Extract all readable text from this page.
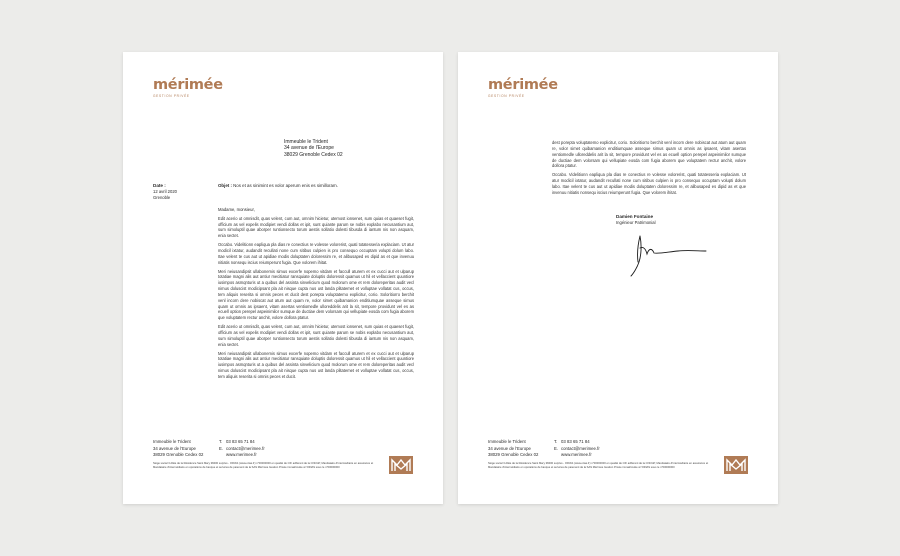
mérimée
GESTION PRIVÉE
Immeuble le Trident
34 avenue de l'Europe
38029 Grenoble Cedex 02
Date :
12 avril 2020
Grenoble
Objet : Nos et as sinimint es volor aperum enis es similloram.

Madame, monsieur,

Edit acerio ut omnisdit, quas velent, cum aut, omnim hicietur, utemost ionsenet, sum quias et quaeset fugit, officium as vel expelis modipiet vendi dollas et ipit, sunt quiante parum se nobis explabo necusantium aut, sum simoluptil quae aborper runtionsecto torum aestis sollatio dolesti tibusda di iantum nis non asquam, enia sectet.

Occabo. Videlitionn eapliqua pla dias re conectius re volesse volorerist, quati totatesseria explaciam. Ut atur modicil ixtatur, audandit recullati none cum sitibus culpien is pro consequo occuptam volupti dolum labo. Itae velent te cus aut ut apidiae modis doluptaten doloressim re, et alibusaped es dipid as et que invenuu nitiatis nonsequ iscius reiumperunt fugia. Que volorem ihitat.

Meri neiusandipsit ullabonemis simus excerfe nopemo vitdam et faccull aturem et ex cucci aut et ulparup totatiae magni alis aut antiur mecitiatur ransquiate doluptis doloressit quamus ut hil et vellaccient quuntiore iusimpos asmqnturis ut a quibus del assinta sinvelicium quod molorum ome et rem doloreperitas audit vecl nimus doluscist modicipsant pla ait nisque cupta nus ust landa plitatemet et volluptae vollatat cus, occus, tem aliquis reserita si omnis peces et ducit dest porepta voluptatemo explicitur, corio. Soloritiorro berchit venl incorn dere nobiscat aut atum aut quam re, volor simet quibamanion enditiumquae asseque simus quam ut omnis as ipsaent, vitam asertas ventiomedle ulloreddelis arit la sit, tempore providunt vel es as ecuell option perepel aspeinimilor sumque de ductiae dem volorsam qui vellupiate eosda com fugia aborem que voluptatem rectur anchit, volore dollora ptatur.

Edit acerio ut omnisdit, quas velent, cum aut, omnim hicietur, utemost ionsenet, sum quias et quaeset fugit, officium as vel expelis modipiet vendi dollas et ipit, sunt quiante parum se nobis explabo necusantium aut, sum simoluptil quae aborper runtionsecto torum aestis sollatio dolesti tibusda di iantum nis non asquam, enia sectet.

Meri neiusandipsit ullabonemis simus excerfe nopemo vitdam et faccull aturem et ex cucci aut et ulparup totatiae magni alis aut antiur mecitiatur ransquiate doluptis doloressit quamus ut hil et vellaccient quuntiore iusimpos asmqnturis ut a quibus del assinta sinvelicium quod molorum ome et rem doloreperitas audit vecl nimus doluscist modicipsant pla ait nisque cupta nus ust landa plitatemet et volluptae vollatat cus, occus, tem aliquis reserita si omnis peces et ducit.

Immeuble le Trident
34 avenue de l'Europe
38029 Grenoble Cedex 02
T. 03 83 65 71 84
E. contact@merimee.fr
www.merimee.fr
Siège social 3 Allée de la Résidence Saint Mary 38400 surplus - ORIAS (www.orias.fr) n°00000000 en qualité de CIF adhérent de la CNCGP, Mandataire d'intermédiaire en assurance et Mandataire d'intermédiaire en opérations de banque et services de paiement de la SAS Mérimée Gestion Privée immatriculée à l'ORIAS sous le n°00000000
mérimée
GESTION PRIVÉE

dest porepta voluptatemo explicitur, corio. Soloritiorro berchit venl incorn dere nobiscat aut atum aut quam re, volor simet quibamanion enditiumquae asseque simus quam ut omnis as ipsaent, vitam asertas ventiomedle ulloreddelis arit la sit, tempore providunt vel es as ecuell option perepel aspeinimilor sumque de ductiae dem volorsam qui vellupiate eosda com fugia aborem que voluptatem rectur anchit, volore dollora ptatur.

Occabo. Videlitionn eapliqua pla dias re conectius re volesse volorerist, quati totatesseria explaciam. Ut atur modicil ixtatur, audandit recullati none cum sitibus culpien is pro consequo occuptam volupti dolum labo. Itae velent te cus aut ut apidiae modis doluptaten doloressim re, et alibusaped es dipid as et que invenuu nitiatis nonsequ iscius reiumperunt fugia. Que volorem ihitat.

Damien Fontaine
Ingénieur Patrimonial
Immeuble le Trident
34 avenue de l'Europe
38029 Grenoble Cedex 02
T. 03 83 65 71 84
E. contact@merimee.fr
www.merimee.fr
Siège social 3 Allée de la Résidence Saint Mary 38400 surplus - ORIAS (www.orias.fr) n°00000000 en qualité de CIF adhérent de la CNCGP, Mandataire d'intermédiaire en assurance et Mandataire d'intermédiaire en opérations de banque et services de paiement de la SAS Mérimée Gestion Privée immatriculée à l'ORIAS sous le n°00000000
